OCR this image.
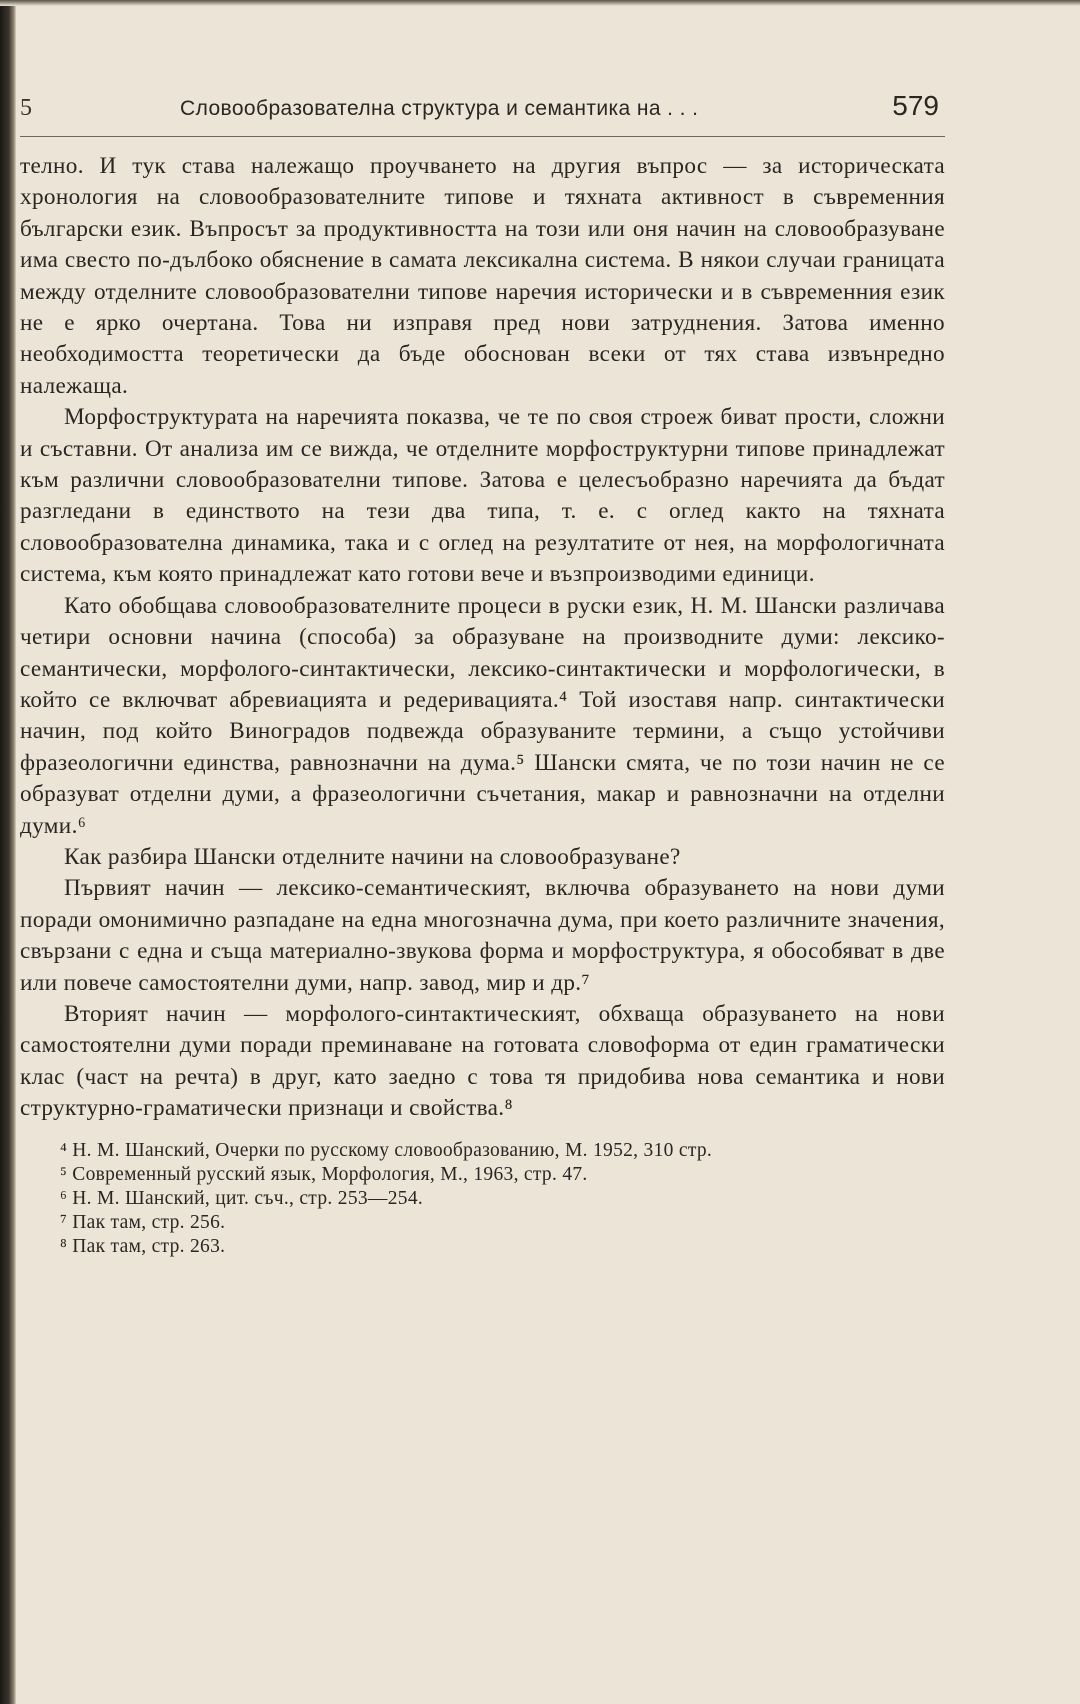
5	Словообразователна структура и семантика на . . .	579

телно. И тук става належащо проучването на другия въпрос — за историческата хронология на словообразователните типове и тяхната активност в съвременния български език. Въпросът за продуктивността на този или оня начин на словообразуване има свесто по-дълбоко обяснение в самата лексикална система. В някои случаи границата между отделните словообразователни типове наречия исторически и в съвременния език не е ярко очертана. Това ни изправя пред нови затруднения. Затова именно необходимостта теоретически да бъде обоснован всеки от тях става извънредно належаща.

Морфоструктурата на наречията показва, че те по своя строеж биват прости, сложни и съставни. От анализа им се вижда, че отделните морфоструктурни типове принадлежат към различни словообразователни типове. Затова е целесъобразно наречията да бъдат разгледани в единството на тези два типа, т. е. с оглед както на тяхната словообразователна динамика, така и с оглед на резултатите от нея, на морфологичната система, към която принадлежат като готови вече и възпроизводими единици.

Като обобщава словообразователните процеси в руски език, Н. М. Шански различава четири основни начина (способа) за образуване на производните думи: лексико-семантически, морфолого-синтактически, лексико-синтактически и морфологически, в който се включват абревиацията и редеривацията.⁴ Той изоставя напр. синтактически начин, под който Виноградов подвежда образуваните термини, а също устойчиви фразеологични единства, равнозначни на дума.⁵ Шански смята, че по този начин не се образуват отделни думи, а фразеологични съчетания, макар и равнозначни на отделни думи.⁶

Как разбира Шански отделните начини на словообразуване?

Първият начин — лексико-семантическият, включва образуването на нови думи поради омонимично разпадане на една многозначна дума, при което различните значения, свързани с една и съща материално-звукова форма и морфоструктура, я обособяват в две или повече самостоятелни думи, напр. завод, мир и др.⁷

Вторият начин — морфолого-синтактическият, обхваща образуването на нови самостоятелни думи поради преминаване на готовата словоформа от един граматически клас (част на речта) в друг, като заедно с това тя придобива нова семантика и нови структурно-граматически признаци и свойства.⁸

⁴ Н. М. Шанский, Очерки по русскому словообразованию, М. 1952, 310 стр.
⁵ Современный русский язык, Морфология, М., 1963, стр. 47.
⁶ Н. М. Шанский, цит. съч., стр. 253—254.
⁷ Пак там, стр. 256.
⁸ Пак там, стр. 263.
